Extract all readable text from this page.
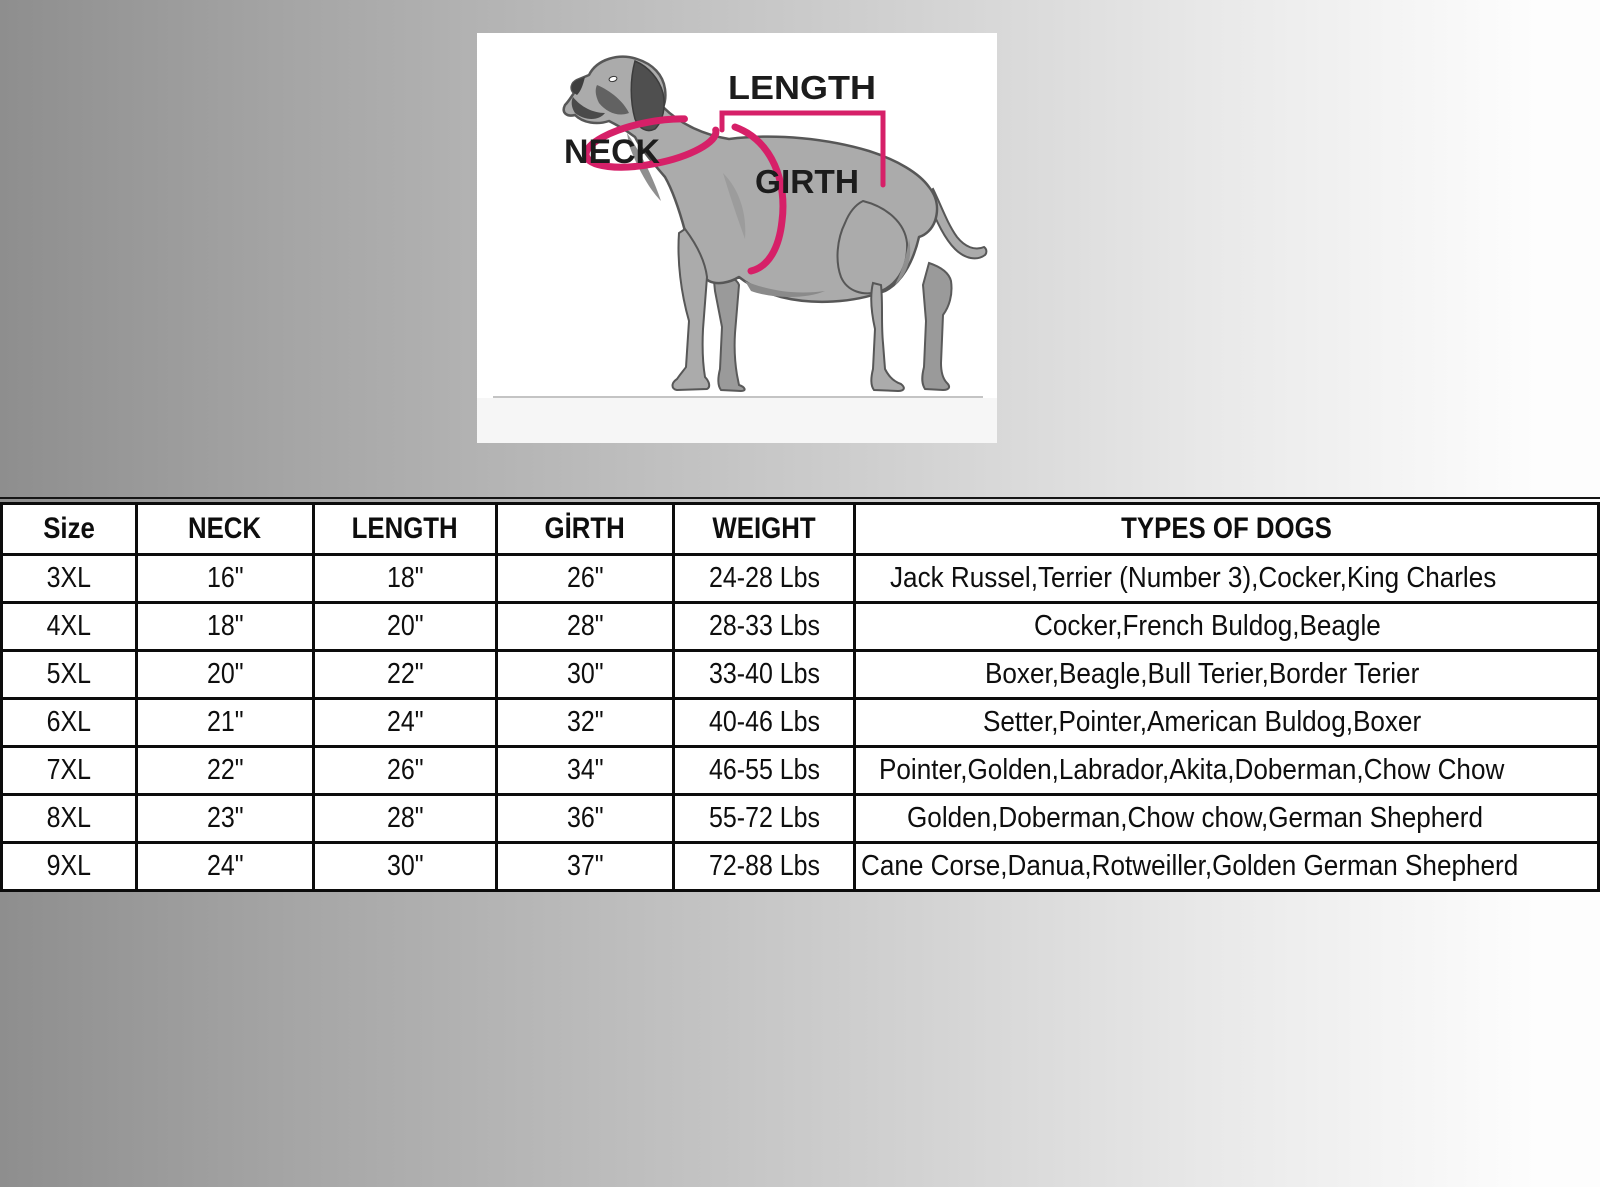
LENGTH
NECK
GIRTH
Size	NECK	LENGTH	GİRTH	WEIGHT	TYPES OF DOGS
3XL	16"	18"	26"	24-28 Lbs	Jack Russel,Terrier (Number 3),Cocker,King Charles
4XL	18"	20"	28"	28-33 Lbs	Cocker,French Buldog,Beagle
5XL	20"	22"	30"	33-40 Lbs	Boxer,Beagle,Bull Terier,Border Terier
6XL	21"	24"	32"	40-46 Lbs	Setter,Pointer,American Buldog,Boxer
7XL	22"	26"	34"	46-55 Lbs	Pointer,Golden,Labrador,Akita,Doberman,Chow Chow
8XL	23"	28"	36"	55-72 Lbs	Golden,Doberman,Chow chow,German Shepherd
9XL	24"	30"	37"	72-88 Lbs	Cane Corse,Danua,Rotweiller,Golden German Shepherd
